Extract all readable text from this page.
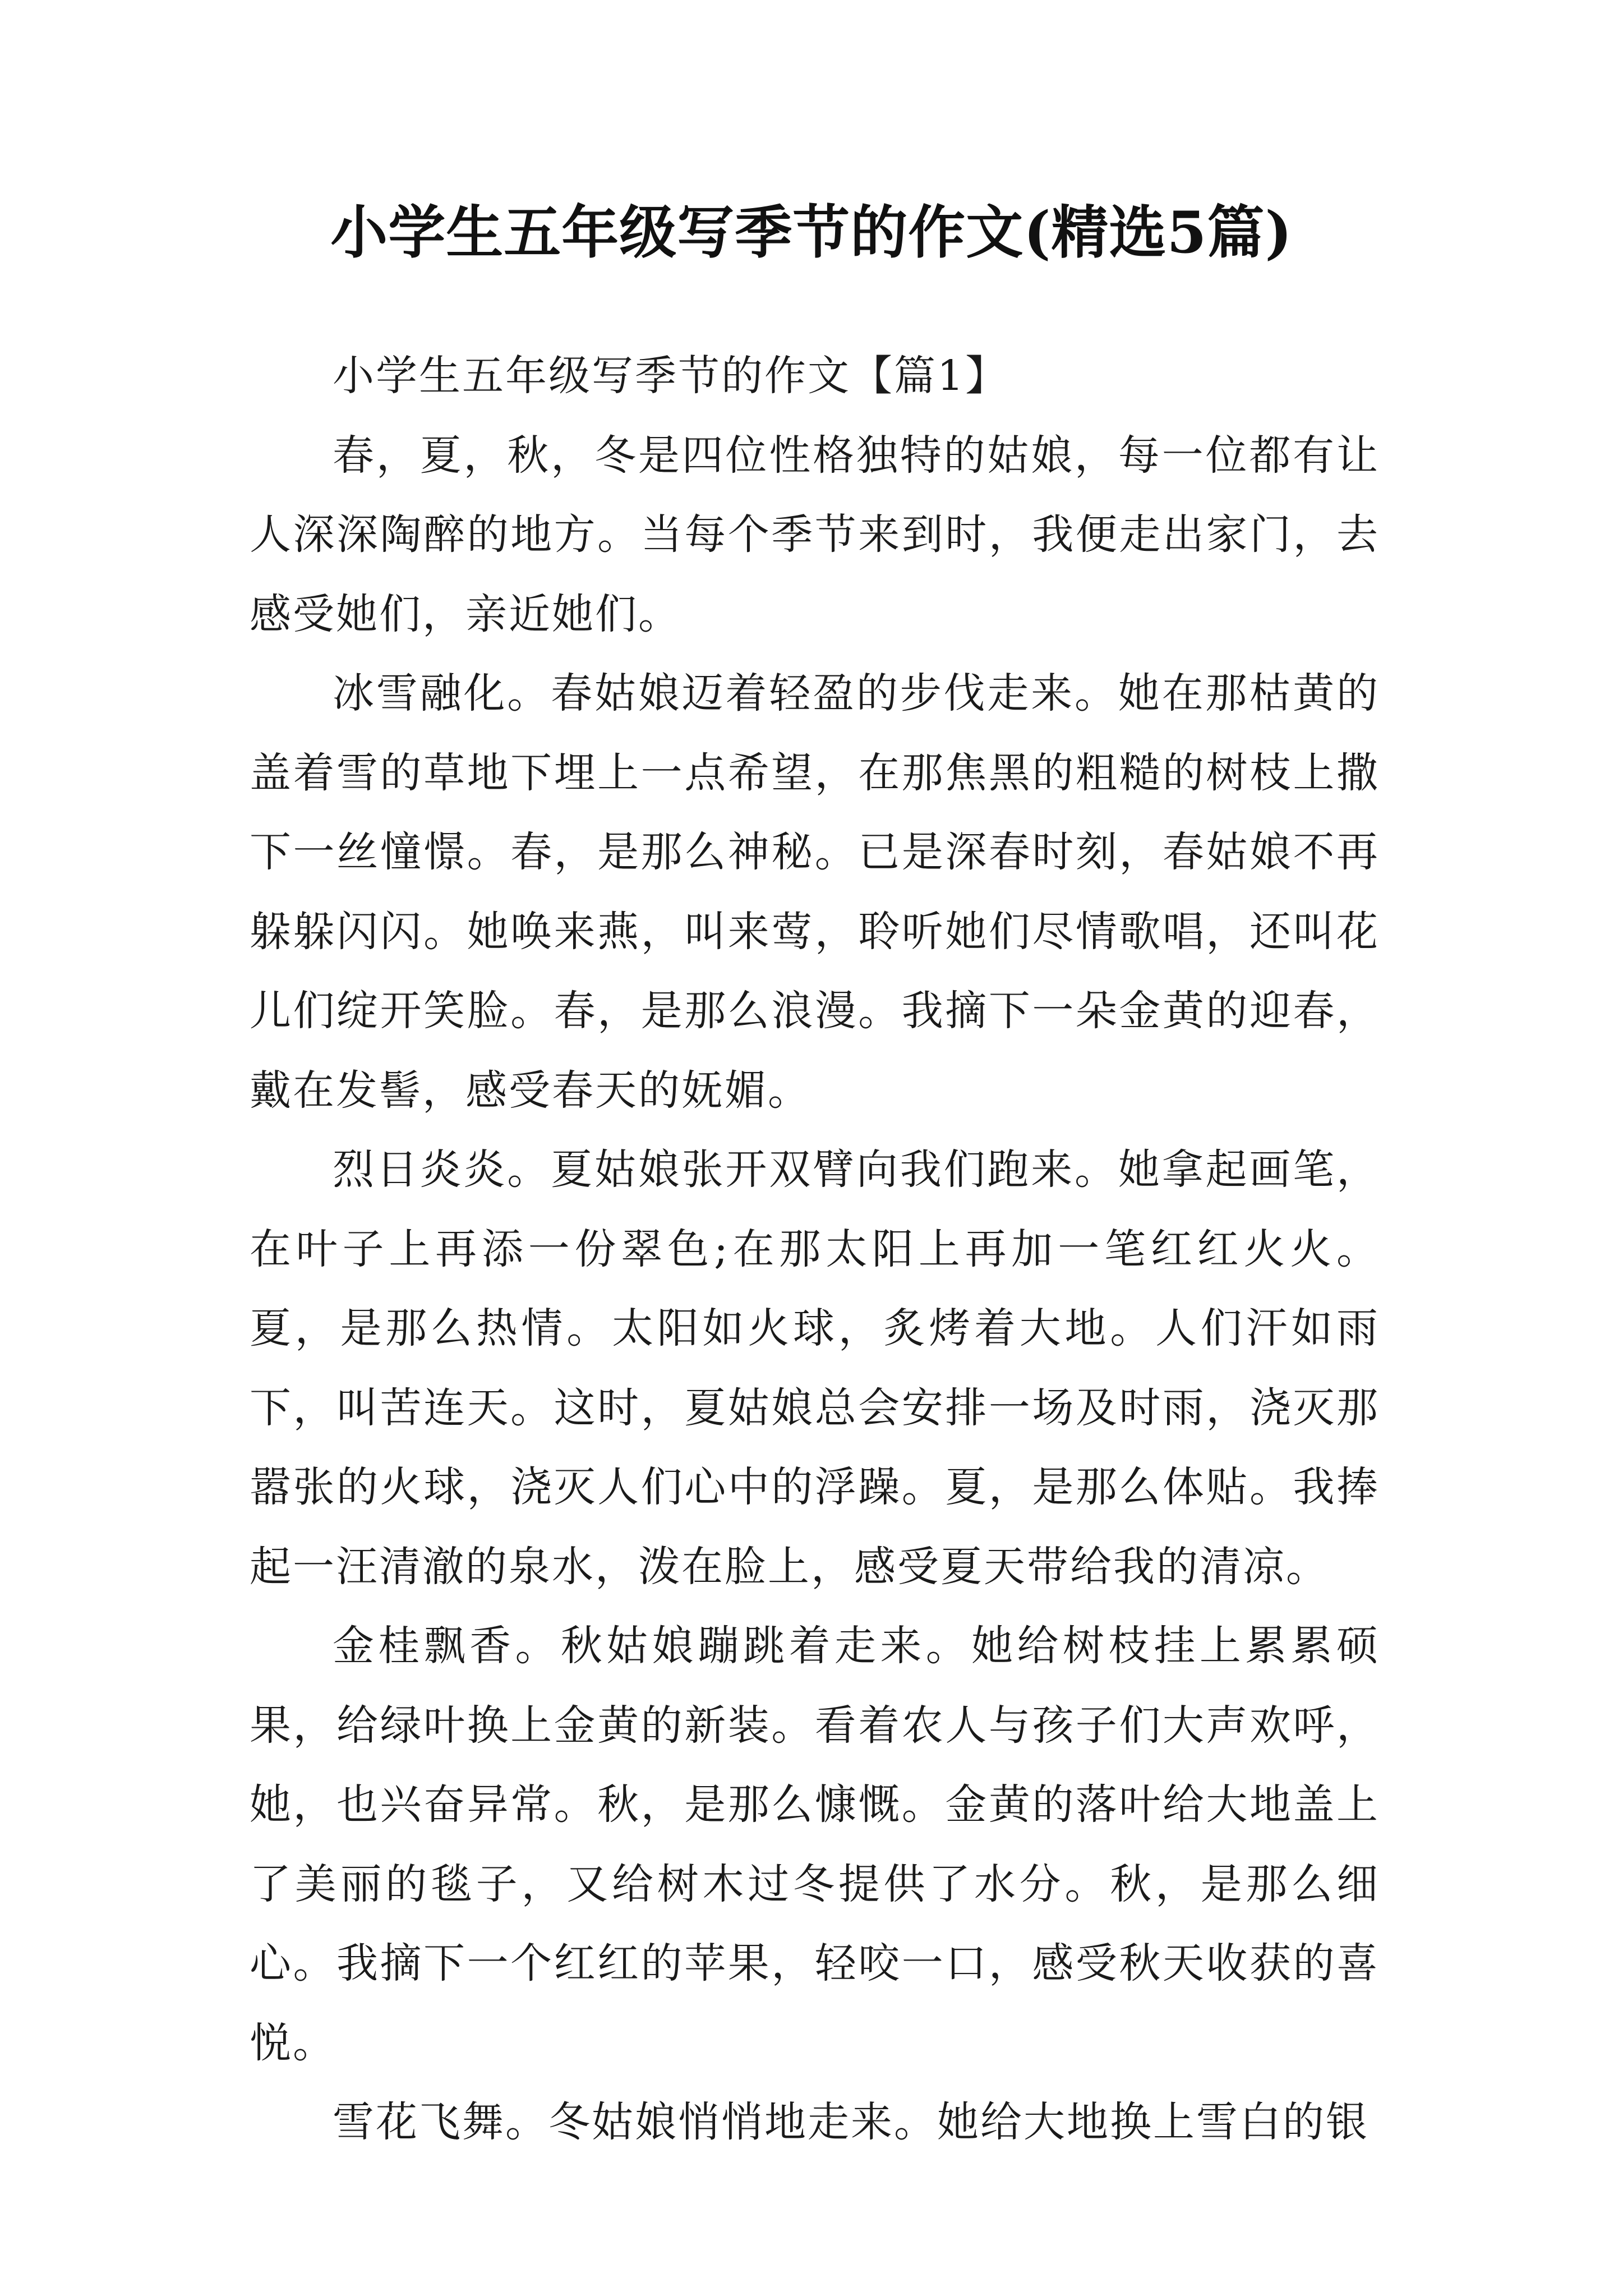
小学生五年级写季节的作文(精选5篇)

小学生五年级写季节的作文【篇1】

春，夏，秋，冬是四位性格独特的姑娘，每一位都有让人深深陶醉的地方。当每个季节来到时，我便走出家门，去感受她们，亲近她们。

冰雪融化。春姑娘迈着轻盈的步伐走来。她在那枯黄的盖着雪的草地下埋上一点希望，在那焦黑的粗糙的树枝上撒下一丝憧憬。春，是那么神秘。已是深春时刻，春姑娘不再躲躲闪闪。她唤来燕，叫来莺，聆听她们尽情歌唱，还叫花儿们绽开笑脸。春，是那么浪漫。我摘下一朵金黄的迎春，戴在发髻，感受春天的妩媚。

烈日炎炎。夏姑娘张开双臂向我们跑来。她拿起画笔，在叶子上再添一份翠色;在那太阳上再加一笔红红火火。夏，是那么热情。太阳如火球，炙烤着大地。人们汗如雨下，叫苦连天。这时，夏姑娘总会安排一场及时雨，浇灭那嚣张的火球，浇灭人们心中的浮躁。夏，是那么体贴。我捧起一汪清澈的泉水，泼在脸上，感受夏天带给我的清凉。

金桂飘香。秋姑娘蹦跳着走来。她给树枝挂上累累硕果，给绿叶换上金黄的新装。看着农人与孩子们大声欢呼，她，也兴奋异常。秋，是那么慷慨。金黄的落叶给大地盖上了美丽的毯子，又给树木过冬提供了水分。秋，是那么细心。我摘下一个红红的苹果，轻咬一口，感受秋天收获的喜悦。

雪花飞舞。冬姑娘悄悄地走来。她给大地换上雪白的银
